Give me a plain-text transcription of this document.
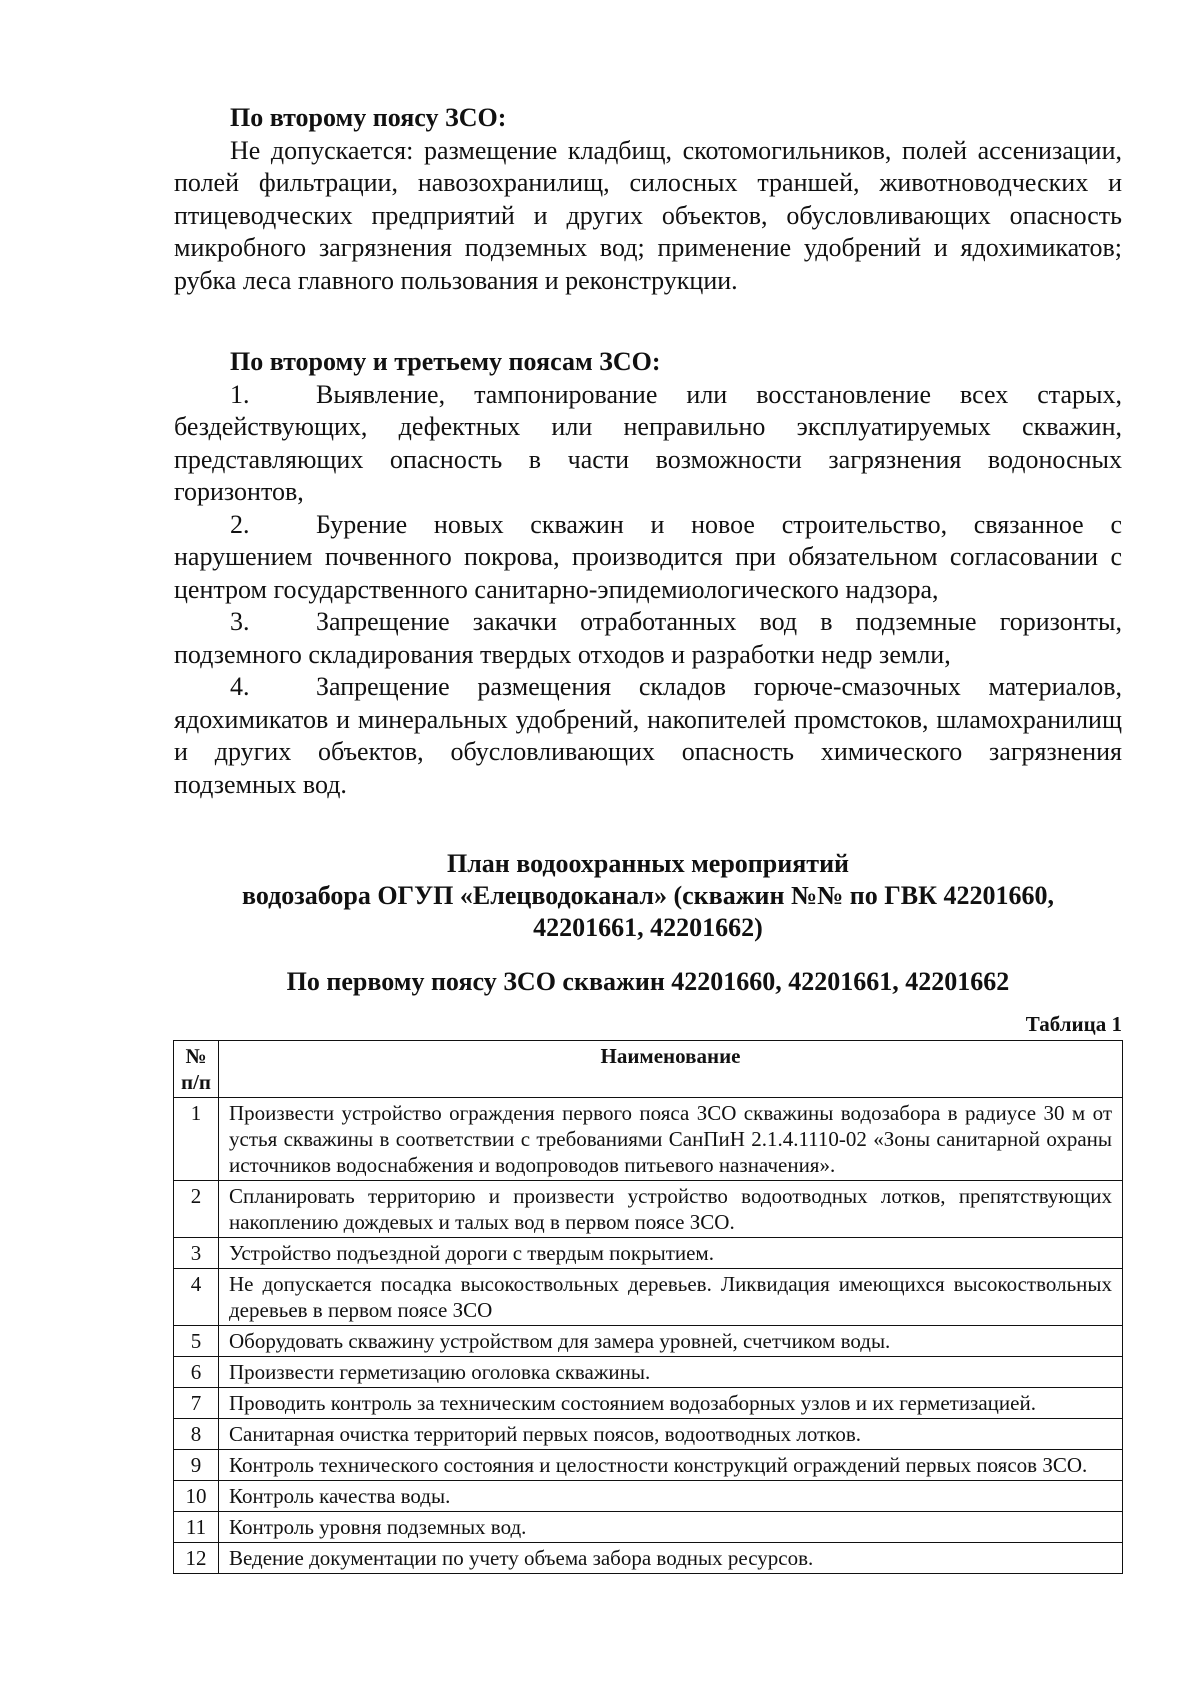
По второму поясу ЗСО:
Не допускается: размещение кладбищ, скотомогильников, полей ассенизации, полей фильтрации, навозохранилищ, силосных траншей, животноводческих и птицеводческих предприятий и других объектов, обусловливающих опасность микробного загрязнения подземных вод; применение удобрений и ядохимикатов; рубка леса главного пользования и реконструкции.
По второму и третьему поясам ЗСО:
1.	Выявление, тампонирование или восстановление всех старых, бездействующих, дефектных или неправильно эксплуатируемых скважин, представляющих опасность в части возможности загрязнения водоносных горизонтов,
2.	Бурение новых скважин и новое строительство, связанное с нарушением почвенного покрова, производится при обязательном согласовании с центром государственного санитарно-эпидемиологического надзора,
3.	Запрещение закачки отработанных вод в подземные горизонты, подземного складирования твердых отходов и разработки недр земли,
4.	Запрещение размещения складов горюче-смазочных материалов, ядохимикатов и минеральных удобрений, накопителей промстоков, шламохранилищ и других объектов, обусловливающих опасность химического загрязнения подземных вод.
План водоохранных мероприятий
водозабора ОГУП «Елецводоканал» (скважин №№ по ГВК 42201660,
42201661, 42201662)
По первому поясу ЗСО скважин 42201660, 42201661, 42201662
Таблица 1
№ п/п	Наименование
1	Произвести устройство ограждения первого пояса ЗСО скважины водозабора в радиусе 30 м от устья скважины в соответствии с требованиями СанПиН 2.1.4.1110-02 «Зоны санитарной охраны источников водоснабжения и водопроводов питьевого назначения».
2	Спланировать территорию и произвести устройство водоотводных лотков, препятствующих накоплению дождевых и талых вод в первом поясе ЗСО.
3	Устройство подъездной дороги с твердым покрытием.
4	Не допускается посадка высокоствольных деревьев. Ликвидация имеющихся высокоствольных деревьев в первом поясе ЗСО
5	Оборудовать скважину устройством для замера уровней, счетчиком воды.
6	Произвести герметизацию оголовка скважины.
7	Проводить контроль за техническим состоянием водозаборных узлов и их герметизацией.
8	Санитарная очистка территорий первых поясов, водоотводных лотков.
9	Контроль технического состояния и целостности конструкций ограждений первых поясов ЗСО.
10	Контроль качества воды.
11	Контроль уровня подземных вод.
12	Ведение документации по учету объема забора водных ресурсов.
